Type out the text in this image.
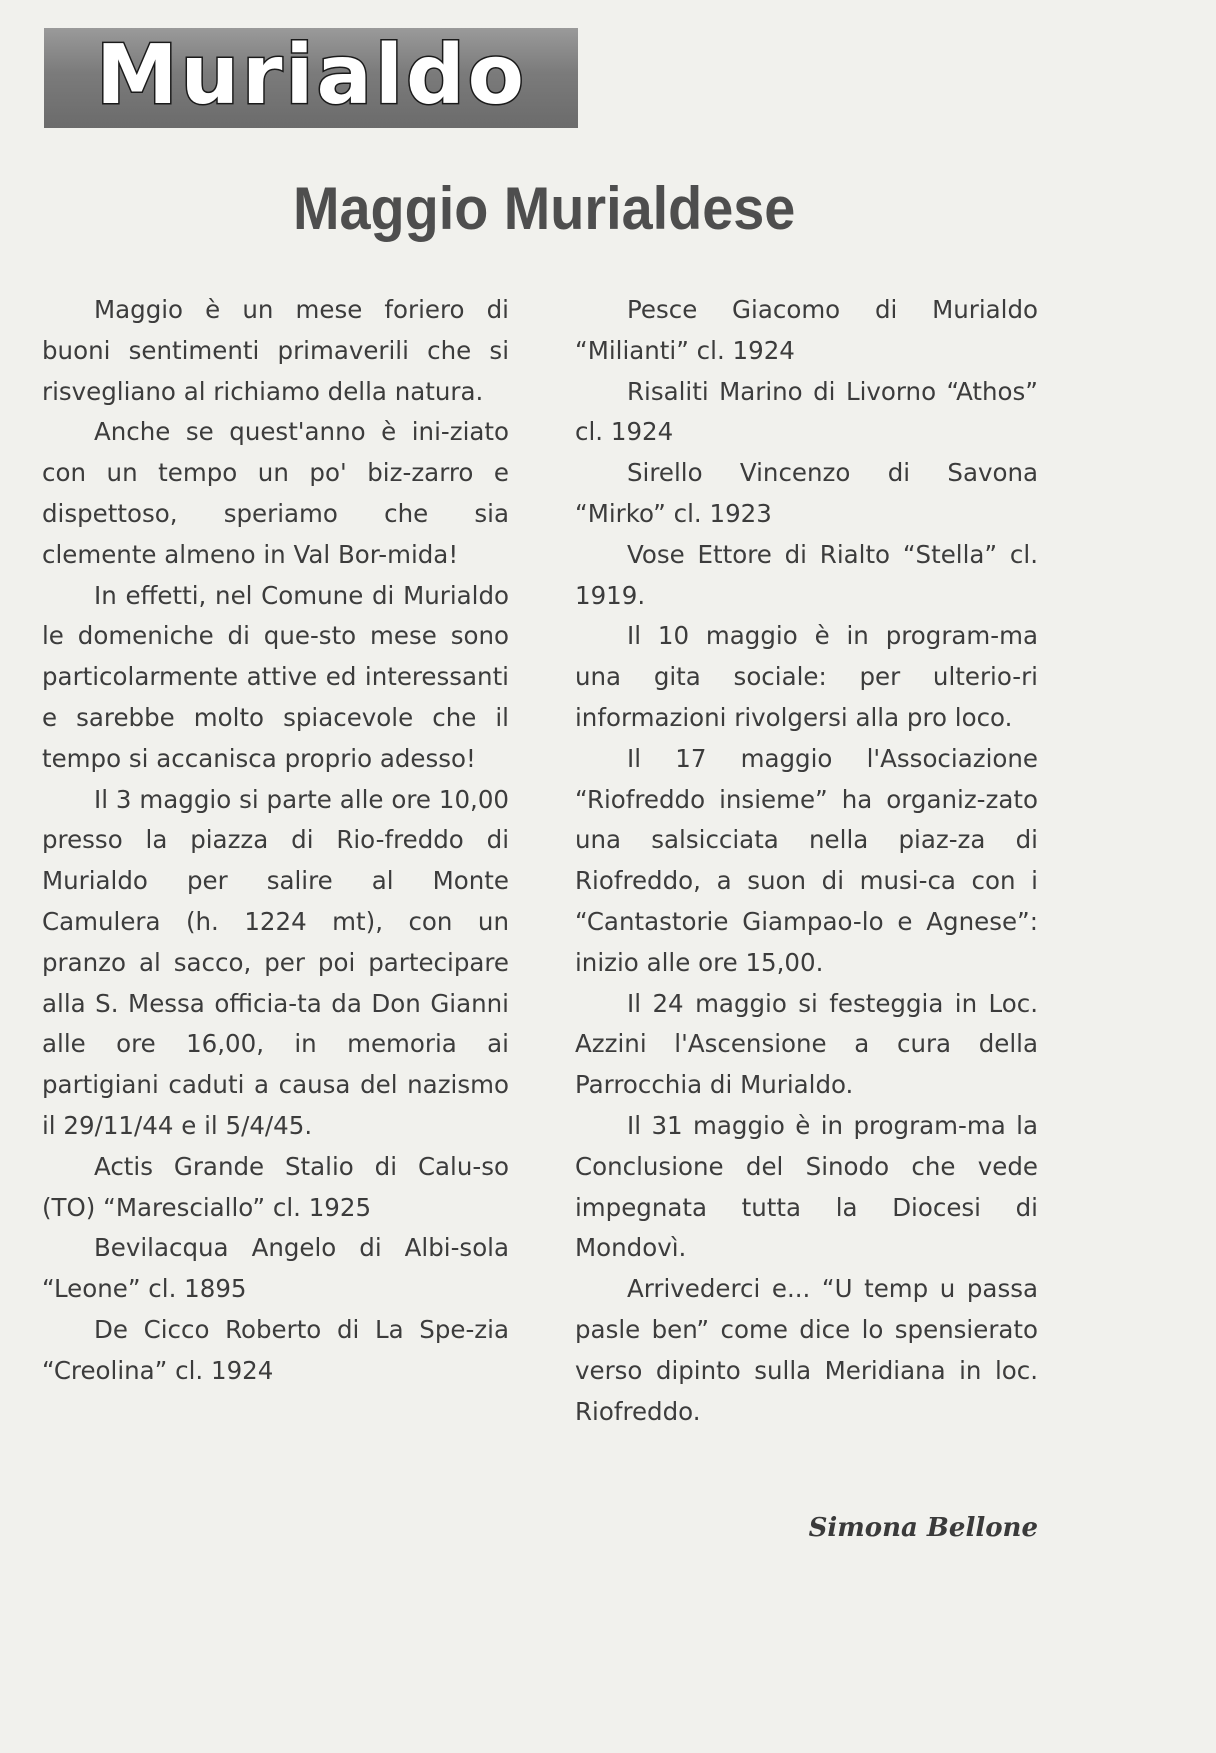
Murialdo
Maggio Murialdese

Maggio è un mese foriero di buoni sentimenti primaverili che si risvegliano al richiamo della natura.

Anche se quest'anno è ini-ziato con un tempo un po' biz-zarro e dispettoso, speriamo che sia clemente almeno in Val Bor-mida!

In effetti, nel Comune di Murialdo le domeniche di que-sto mese sono particolarmente attive ed interessanti e sarebbe molto spiacevole che il tempo si accanisca proprio adesso!

Il 3 maggio si parte alle ore 10,00 presso la piazza di Rio-freddo di Murialdo per salire al Monte Camulera (h. 1224 mt), con un pranzo al sacco, per poi partecipare alla S. Messa officia-ta da Don Gianni alle ore 16,00, in memoria ai partigiani caduti a causa del nazismo il 29/11/44 e il 5/4/45.

Actis Grande Stalio di Calu-so (TO) “Maresciallo” cl. 1925

Bevilacqua Angelo di Albi-sola “Leone” cl. 1895

De Cicco Roberto di La Spe-zia “Creolina” cl. 1924

Pesce Giacomo di Murialdo “Milianti” cl. 1924

Risaliti Marino di Livorno “Athos” cl. 1924

Sirello Vincenzo di Savona “Mirko” cl. 1923

Vose Ettore di Rialto “Stella” cl. 1919.

Il 10 maggio è in program-ma una gita sociale: per ulterio-ri informazioni rivolgersi alla pro loco.

Il 17 maggio l'Associazione “Riofreddo insieme” ha organiz-zato una salsicciata nella piaz-za di Riofreddo, a suon di musi-ca con i “Cantastorie Giampao-lo e Agnese”: inizio alle ore 15,00.

Il 24 maggio si festeggia in Loc. Azzini l'Ascensione a cura della Parrocchia di Murialdo.

Il 31 maggio è in program-ma la Conclusione del Sinodo che vede impegnata tutta la Diocesi di Mondovì.

Arrivederci e... “U temp u passa pasle ben” come dice lo spensierato verso dipinto sulla Meridiana in loc. Riofreddo.

Simona Bellone
